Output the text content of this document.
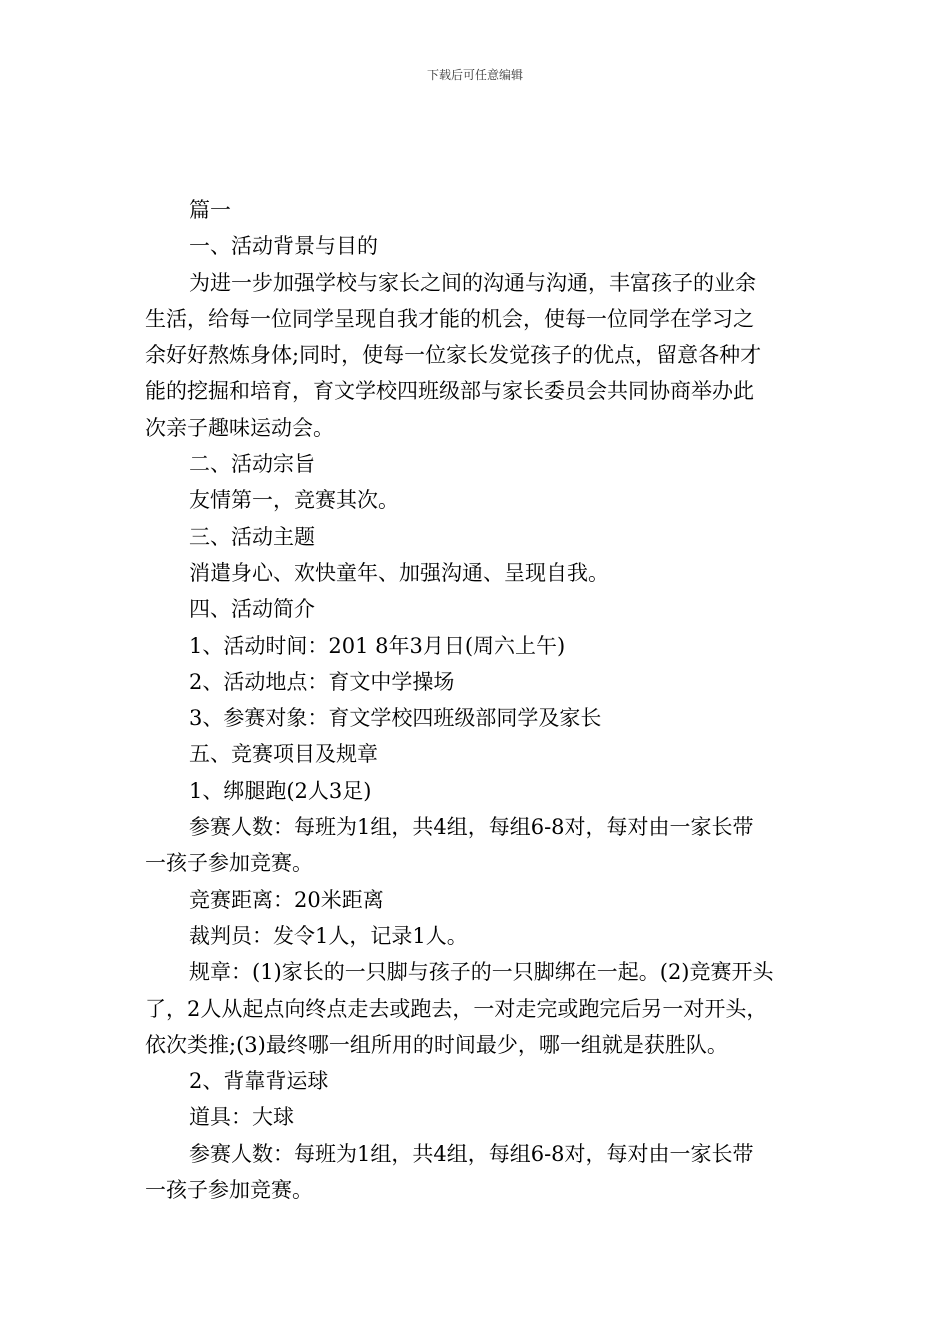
下载后可任意编辑
篇一
一、活动背景与目的
为进一步加强学校与家长之间的沟通与沟通，丰富孩子的业余
生活，给每一位同学呈现自我才能的机会，使每一位同学在学习之
余好好熬炼身体;同时，使每一位家长发觉孩子的优点，留意各种才
能的挖掘和培育，育文学校四班级部与家长委员会共同协商举办此
次亲子趣味运动会。
二、活动宗旨
友情第一，竞赛其次。
三、活动主题
消遣身心、欢快童年、加强沟通、呈现自我。
四、活动简介
1、活动时间：201 8年3月日(周六上午)
2、活动地点：育文中学操场
3、参赛对象：育文学校四班级部同学及家长
五、竞赛项目及规章
1、绑腿跑(2人3足)
参赛人数：每班为1组，共4组，每组6-8对，每对由一家长带
一孩子参加竞赛。
竞赛距离：20米距离
裁判员：发令1人，记录1人。
规章：(1)家长的一只脚与孩子的一只脚绑在一起。(2)竞赛开头
了，2人从起点向终点走去或跑去，一对走完或跑完后另一对开头，
依次类推;(3)最终哪一组所用的时间最少，哪一组就是获胜队。
2、背靠背运球
道具：大球
参赛人数：每班为1组，共4组，每组6-8对，每对由一家长带
一孩子参加竞赛。
